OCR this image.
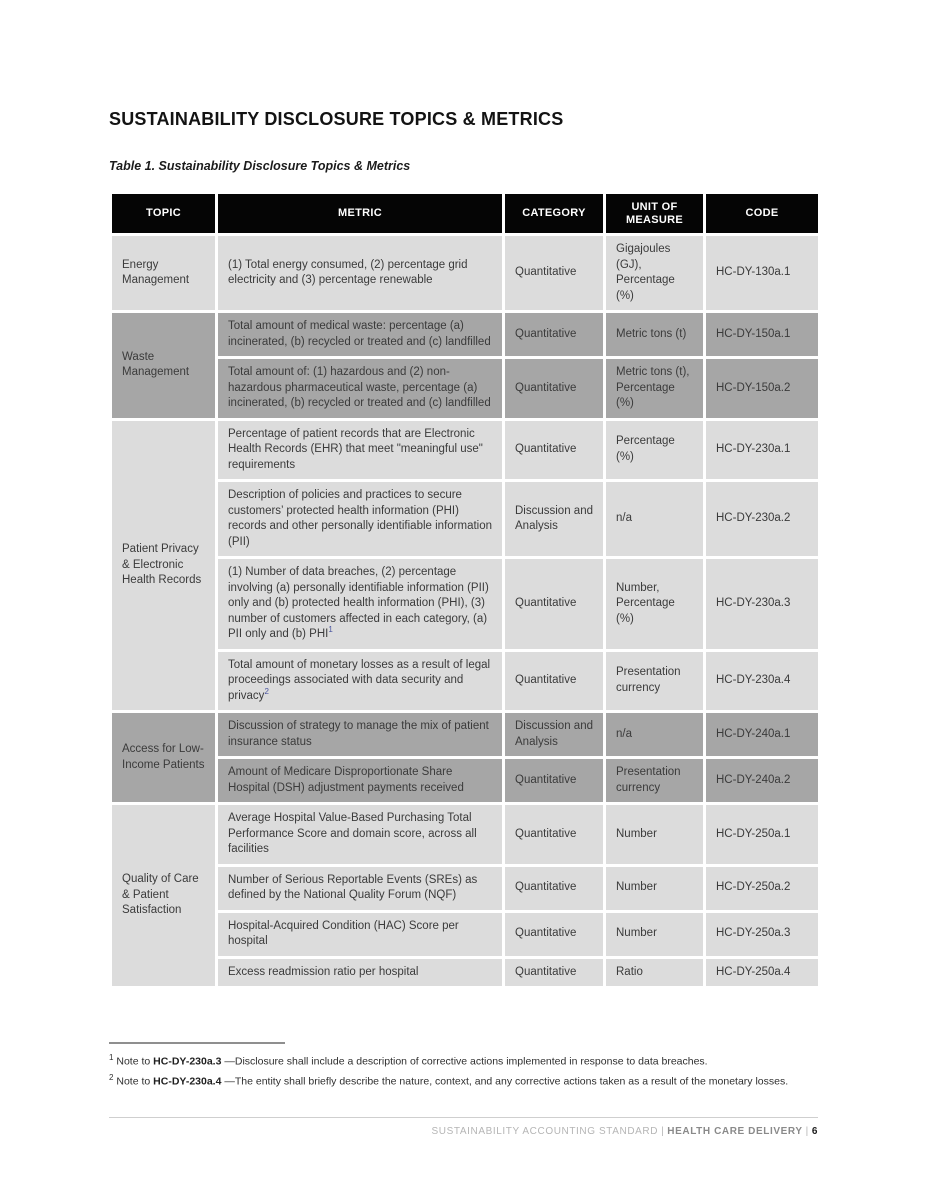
SUSTAINABILITY DISCLOSURE TOPICS & METRICS
Table 1. Sustainability Disclosure Topics & Metrics
TOPIC	METRIC	CATEGORY	UNIT OF MEASURE	CODE
Energy Management	(1) Total energy consumed, (2) percentage grid electricity and (3) percentage renewable	Quantitative	Gigajoules (GJ), Percentage (%)	HC-DY-130a.1
Waste Management	Total amount of medical waste: percentage (a) incinerated, (b) recycled or treated and (c) landfilled	Quantitative	Metric tons (t)	HC-DY-150a.1
	Total amount of: (1) hazardous and (2) non-hazardous pharmaceutical waste, percentage (a) incinerated, (b) recycled or treated and (c) landfilled	Quantitative	Metric tons (t), Percentage (%)	HC-DY-150a.2
Patient Privacy & Electronic Health Records	Percentage of patient records that are Electronic Health Records (EHR) that meet "meaningful use" requirements	Quantitative	Percentage (%)	HC-DY-230a.1
	Description of policies and practices to secure customers’ protected health information (PHI) records and other personally identifiable information (PII)	Discussion and Analysis	n/a	HC-DY-230a.2
	(1) Number of data breaches, (2) percentage involving (a) personally identifiable information (PII) only and (b) protected health information (PHI), (3) number of customers affected in each category, (a) PII only and (b) PHI$^1$	Quantitative	Number, Percentage (%)	HC-DY-230a.3
	Total amount of monetary losses as a result of legal proceedings associated with data security and privacy$^2$	Quantitative	Presentation currency	HC-DY-230a.4
Access for Low-Income Patients	Discussion of strategy to manage the mix of patient insurance status	Discussion and Analysis	n/a	HC-DY-240a.1
	Amount of Medicare Disproportionate Share Hospital (DSH) adjustment payments received	Quantitative	Presentation currency	HC-DY-240a.2
Quality of Care & Patient Satisfaction	Average Hospital Value-Based Purchasing Total Performance Score and domain score, across all facilities	Quantitative	Number	HC-DY-250a.1
	Number of Serious Reportable Events (SREs) as defined by the National Quality Forum (NQF)	Quantitative	Number	HC-DY-250a.2
	Hospital-Acquired Condition (HAC) Score per hospital	Quantitative	Number	HC-DY-250a.3
	Excess readmission ratio per hospital	Quantitative	Ratio	HC-DY-250a.4
$^1$ Note to HC-DY-230a.3 —Disclosure shall include a description of corrective actions implemented in response to data breaches.
$^2$ Note to HC-DY-230a.4 —The entity shall briefly describe the nature, context, and any corrective actions taken as a result of the monetary losses.
SUSTAINABILITY ACCOUNTING STANDARD | HEALTH CARE DELIVERY | 6
